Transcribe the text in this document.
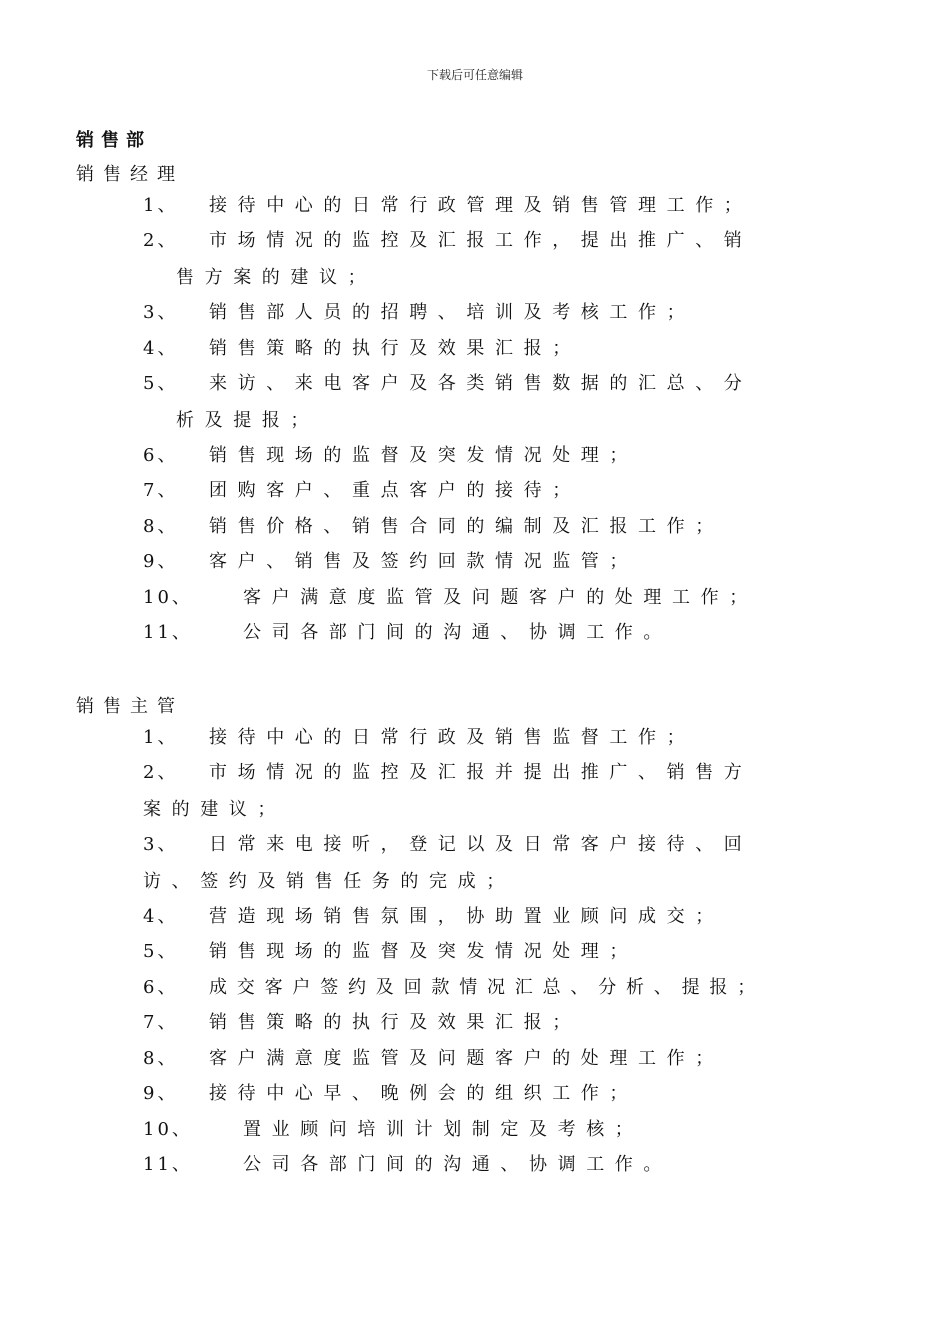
下载后可任意编辑
销售部
销售经理
1、 接待中心的日常行政管理及销售管理工作；
2、 市场情况的监控及汇报工作，提出推广、销
售方案的建议；
3、 销售部人员的招聘、培训及考核工作；
4、 销售策略的执行及效果汇报；
5、 来访、来电客户及各类销售数据的汇总、分
析及提报；
6、 销售现场的监督及突发情况处理；
7、 团购客户、重点客户的接待；
8、 销售价格、销售合同的编制及汇报工作；
9、 客户、销售及签约回款情况监管；
10、	客户满意度监管及问题客户的处理工作；
11、	公司各部门间的沟通、协调工作。
销售主管
1、 接待中心的日常行政及销售监督工作；
2、 市场情况的监控及汇报并提出推广、销售方
案的建议；
3、 日常来电接听，登记以及日常客户接待、回
访、签约及销售任务的完成；
4、 营造现场销售氛围，协助置业顾问成交；
5、 销售现场的监督及突发情况处理；
6、 成交客户签约及回款情况汇总、分析、提报；
7、 销售策略的执行及效果汇报；
8、 客户满意度监管及问题客户的处理工作；
9、 接待中心早、晚例会的组织工作；
10、	置业顾问培训计划制定及考核；
11、	公司各部门间的沟通、协调工作。
